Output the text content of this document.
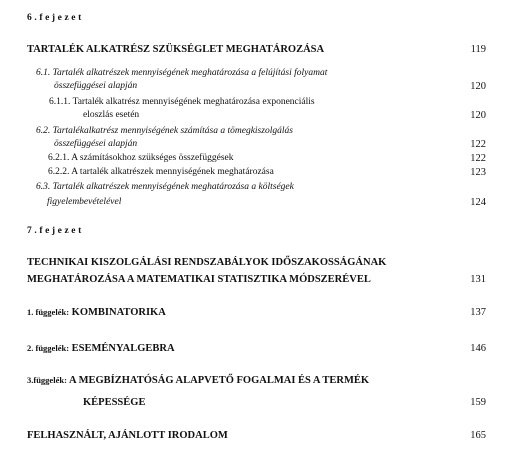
6.fejezet
TARTALÉK ALKATRÉSZ SZÜKSÉGLET MEGHATÁROZÁSA	119
6.1. Tartalék alkatrészek mennyiségének meghatározása a felújítási folyamat
összefüggései alapján	120
6.1.1. Tartalék alkatrész mennyiségének meghatározása exponenciális
eloszlás esetén	120
6.2. Tartalékalkatrész mennyiségének számítása a tömegkiszolgálás
összefüggései alapján	122
6.2.1. A számításokhoz szükséges összefüggések	122
6.2.2. A tartalék alkatrészek mennyiségének meghatározása	123
6.3. Tartalék alkatrészek mennyiségének meghatározása a költségek
figyelembevételével	124
7.fejezet
TECHNIKAI KISZOLGÁLÁSI RENDSZABÁLYOK IDŐSZAKOSSÁGÁNAK
MEGHATÁROZÁSA A MATEMATIKAI STATISZTIKA MÓDSZERÉVEL	131
1. függelék: KOMBINATORIKA	137
2. függelék: ESEMÉNYALGEBRA	146
3.függelék: A MEGBÍZHATÓSÁG ALAPVETŐ FOGALMAI ÉS A TERMÉK
KÉPESSÉGE	159
FELHASZNÁLT, AJÁNLOTT IRODALOM	165
